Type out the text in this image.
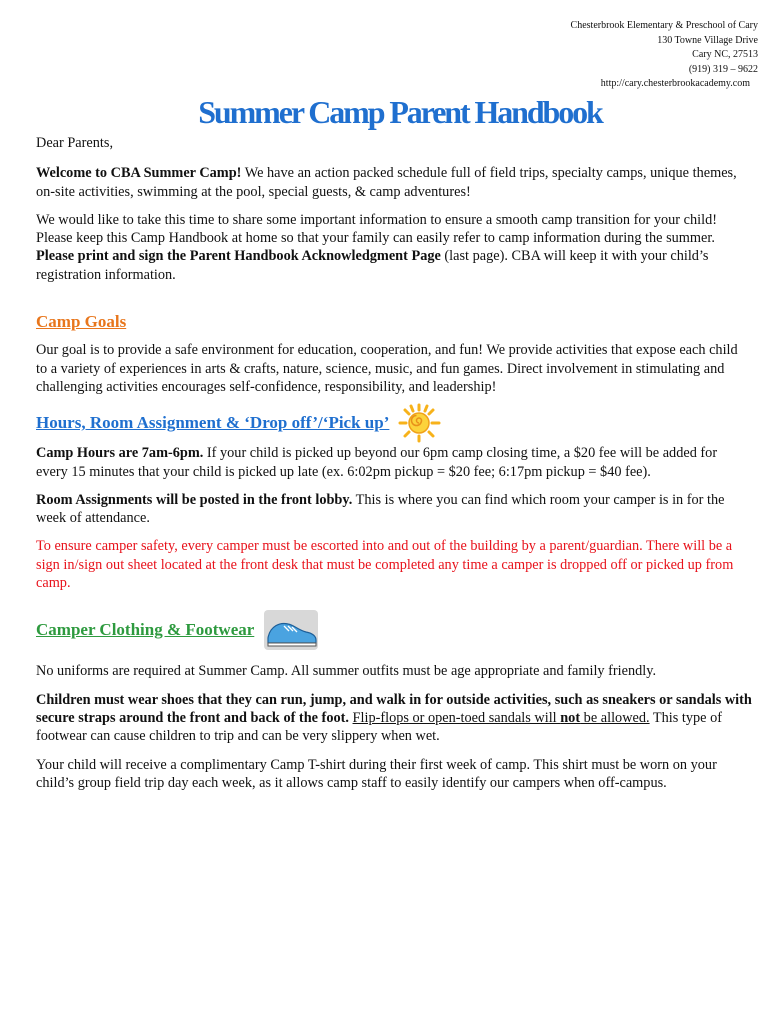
Chesterbrook Elementary & Preschool of Cary
130 Towne Village Drive
Cary NC, 27513
(919) 319 – 9622
http://cary.chesterbrookacademy.com
Summer Camp Parent Handbook

Dear Parents,

Welcome to CBA Summer Camp! We have an action packed schedule full of field trips, specialty camps, unique themes, on-site activities, swimming at the pool, special guests, & camp adventures!

We would like to take this time to share some important information to ensure a smooth camp transition for your child! Please keep this Camp Handbook at home so that your family can easily refer to camp information during the summer. Please print and sign the Parent Handbook Acknowledgment Page (last page). CBA will keep it with your child’s registration information.

Camp Goals

Our goal is to provide a safe environment for education, cooperation, and fun! We provide activities that expose each child to a variety of experiences in arts & crafts, nature, science, music, and fun games. Direct involvement in stimulating and challenging activities encourages self-confidence, responsibility, and leadership!

Hours, Room Assignment & ‘Drop off’/‘Pick up’

Camp Hours are 7am-6pm. If your child is picked up beyond our 6pm camp closing time, a $20 fee will be added for every 15 minutes that your child is picked up late (ex. 6:02pm pickup = $20 fee; 6:17pm pickup = $40 fee).

Room Assignments will be posted in the front lobby. This is where you can find which room your camper is in for the week of attendance.

To ensure camper safety, every camper must be escorted into and out of the building by a parent/guardian. There will be a sign in/sign out sheet located at the front desk that must be completed any time a camper is dropped off or picked up from camp.

Camper Clothing & Footwear

No uniforms are required at Summer Camp. All summer outfits must be age appropriate and family friendly.

Children must wear shoes that they can run, jump, and walk in for outside activities, such as sneakers or sandals with secure straps around the front and back of the foot. Flip-flops or open-toed sandals will not be allowed. This type of footwear can cause children to trip and can be very slippery when wet.

Your child will receive a complimentary Camp T-shirt during their first week of camp. This shirt must be worn on your child’s group field trip day each week, as it allows camp staff to easily identify our campers when off-campus.
